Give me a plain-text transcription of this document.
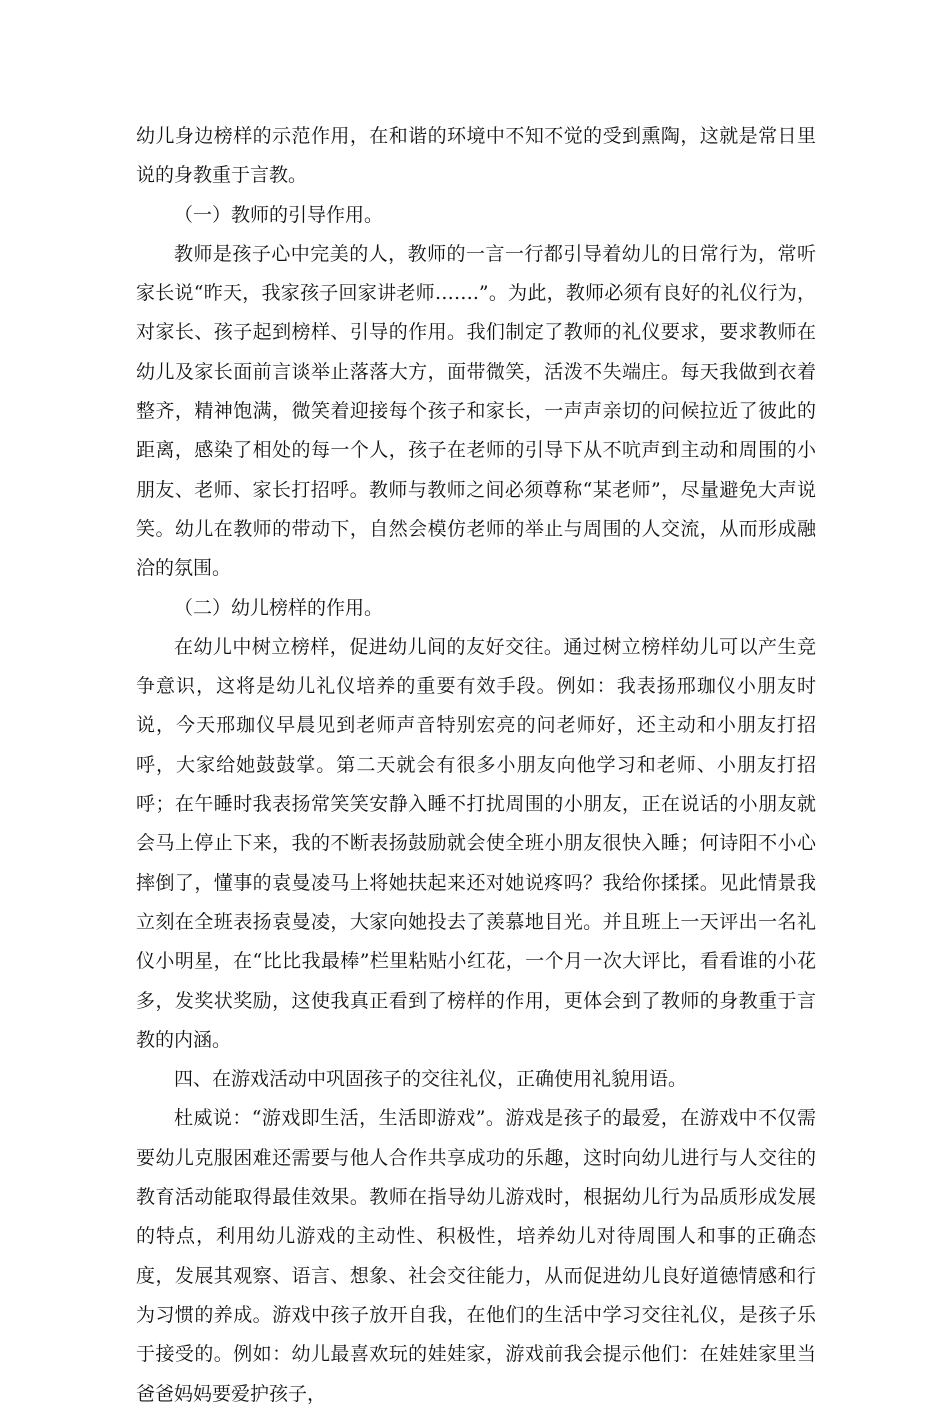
幼儿身边榜样的示范作用，在和谐的环境中不知不觉的受到熏陶，这就是常日里说的身教重于言教。

（一）教师的引导作用。

教师是孩子心中完美的人，教师的一言一行都引导着幼儿的日常行为，常听家长说“昨天，我家孩子回家讲老师…….”。为此，教师必须有良好的礼仪行为，对家长、孩子起到榜样、引导的作用。我们制定了教师的礼仪要求，要求教师在幼儿及家长面前言谈举止落落大方，面带微笑，活泼不失端庄。每天我做到衣着整齐，精神饱满，微笑着迎接每个孩子和家长，一声声亲切的问候拉近了彼此的距离，感染了相处的每一个人，孩子在老师的引导下从不吭声到主动和周围的小朋友、老师、家长打招呼。教师与教师之间必须尊称“某老师”，尽量避免大声说笑。幼儿在教师的带动下，自然会模仿老师的举止与周围的人交流，从而形成融洽的氛围。

（二）幼儿榜样的作用。

在幼儿中树立榜样，促进幼儿间的友好交往。通过树立榜样幼儿可以产生竞争意识，这将是幼儿礼仪培养的重要有效手段。例如：我表扬邢珈仪小朋友时说，今天邢珈仪早晨见到老师声音特别宏亮的问老师好，还主动和小朋友打招呼，大家给她鼓鼓掌。第二天就会有很多小朋友向他学习和老师、小朋友打招呼；在午睡时我表扬常笑笑安静入睡不打扰周围的小朋友，正在说话的小朋友就会马上停止下来，我的不断表扬鼓励就会使全班小朋友很快入睡；何诗阳不小心摔倒了，懂事的袁曼凌马上将她扶起来还对她说疼吗？我给你揉揉。见此情景我立刻在全班表扬袁曼凌，大家向她投去了羡慕地目光。并且班上一天评出一名礼仪小明星，在“比比我最棒”栏里粘贴小红花，一个月一次大评比，看看谁的小花多，发奖状奖励，这使我真正看到了榜样的作用，更体会到了教师的身教重于言教的内涵。

四、在游戏活动中巩固孩子的交往礼仪，正确使用礼貌用语。

杜威说：“游戏即生活，生活即游戏”。游戏是孩子的最爱，在游戏中不仅需要幼儿克服困难还需要与他人合作共享成功的乐趣，这时向幼儿进行与人交往的教育活动能取得最佳效果。教师在指导幼儿游戏时，根据幼儿行为品质形成发展的特点，利用幼儿游戏的主动性、积极性，培养幼儿对待周围人和事的正确态度，发展其观察、语言、想象、社会交往能力，从而促进幼儿良好道德情感和行为习惯的养成。游戏中孩子放开自我，在他们的生活中学习交往礼仪，是孩子乐于接受的。例如：幼儿最喜欢玩的娃娃家，游戏前我会提示他们：在娃娃家里当爸爸妈妈要爱护孩子，
